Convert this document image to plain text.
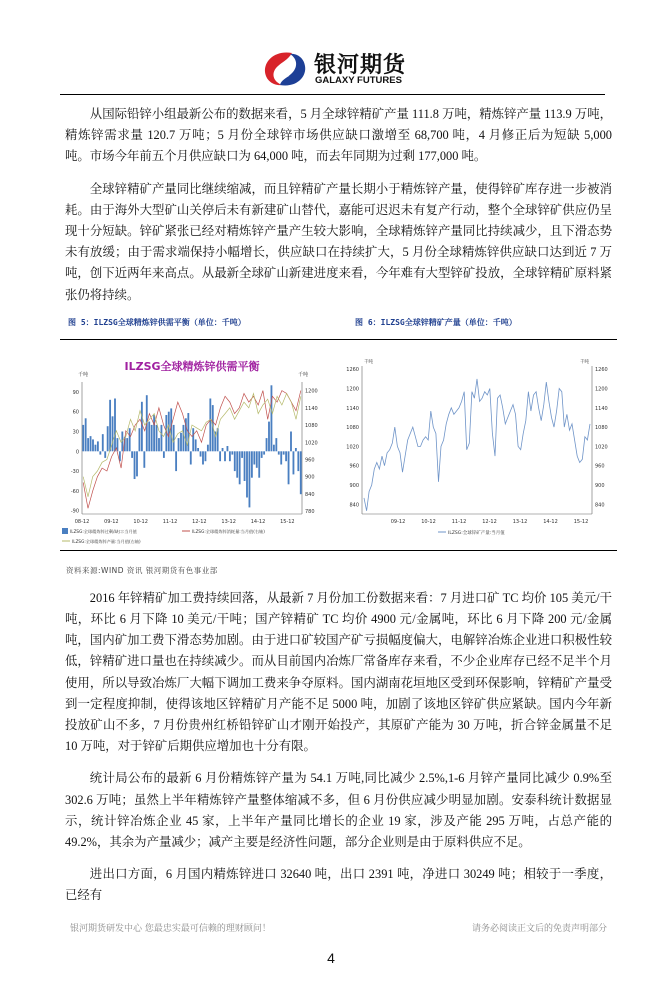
银河期货
GALAXY FUTURES

从国际铅锌小组最新公布的数据来看，5 月全球锌精矿产量 111.8 万吨，精炼锌产量 113.9 万吨，精炼锌需求量 120.7 万吨；5 月份全球锌市场供应缺口激增至 68,700 吨，4 月修正后为短缺 5,000 吨。市场今年前五个月供应缺口为 64,000 吨，而去年同期为过剩 177,000 吨。

全球锌精矿产量同比继续缩减，而且锌精矿产量长期小于精炼锌产量，使得锌矿库存进一步被消耗。由于海外大型矿山关停后未有新建矿山替代，嘉能可迟迟未有复产行动，整个全球锌矿供应仍呈现十分短缺。锌矿紧张已经对精炼锌产量产生较大影响，全球精炼锌产量同比持续减少，且下滑态势未有放缓；由于需求端保持小幅增长，供应缺口在持续扩大，5 月份全球精炼锌供应缺口达到近 7 万吨，创下近两年来高点。从最新全球矿山新建进度来看，今年难有大型锌矿投放，全球锌精矿原料紧张仍将持续。

图 5：ILZSG全球精炼锌供需平衡（单位：千吨）	图 6：ILZSG全球锌精矿产量（单位：千吨）
ILZSG全球精炼锌供需平衡
千吨	千吨
-90
-60
-30
0
30
60
90
780
840
900
960
1020
1080
1140
1200
08-12	09-12	10-12	11-12	12-12	13-12	14-12	15-12
ILZSG:全球精炼锌过剩/缺口:当月值	ILZSG:全球精炼锌消耗量:当月值(右轴)
ILZSG:全球精炼锌产量:当月值(右轴)
千吨	千吨
840	840
900	900
960	960
1020	1020
1080	1080
1140	1140
1200	1200
1260	1260
09-12	10-12	11-12	12-12	13-12	14-12	15-12
ILZSG:全球锌矿产量:当月值
资料来源:WIND 资讯 银河期货有色事业部

2016 年锌精矿加工费持续回落，从最新 7 月份加工份数据来看：7 月进口矿 TC 均价 105 美元/干吨，环比 6 月下降 10 美元/干吨；国产锌精矿 TC 均价 4900 元/金属吨，环比 6 月下降 200 元/金属吨，国内矿加工费下滑态势加剧。由于进口矿较国产矿亏损幅度偏大，电解锌冶炼企业进口积极性较低，锌精矿进口量也在持续减少。而从目前国内冶炼厂常备库存来看，不少企业库存已经不足半个月使用，所以导致冶炼厂大幅下调加工费来争夺原料。国内湖南花垣地区受到环保影响，锌精矿产量受到一定程度抑制，使得该地区锌精矿月产能不足 5000 吨，加剧了该地区锌矿供应紧缺。国内今年新投放矿山不多，7 月份贵州红桥铅锌矿山才刚开始投产，其原矿产能为 30 万吨，折合锌金属量不足 10 万吨，对于锌矿后期供应增加也十分有限。

统计局公布的最新 6 月份精炼锌产量为 54.1 万吨,同比减少 2.5%,1-6 月锌产量同比减少 0.9%至 302.6 万吨；虽然上半年精炼锌产量整体缩减不多，但 6 月份供应减少明显加剧。安泰科统计数据显示，统计锌冶炼企业 45 家，上半年产量同比增长的企业 19 家，涉及产能 295 万吨，占总产能的 49.2%，其余为产量减少；减产主要是经济性问题，部分企业则是由于原料供应不足。

进出口方面，6 月国内精炼锌进口 32640 吨，出口 2391 吨，净进口 30249 吨；相较于一季度，已经有

银河期货研发中心 您最忠实最可信赖的理财顾问！	请务必阅读正文后的免责声明部分
4
